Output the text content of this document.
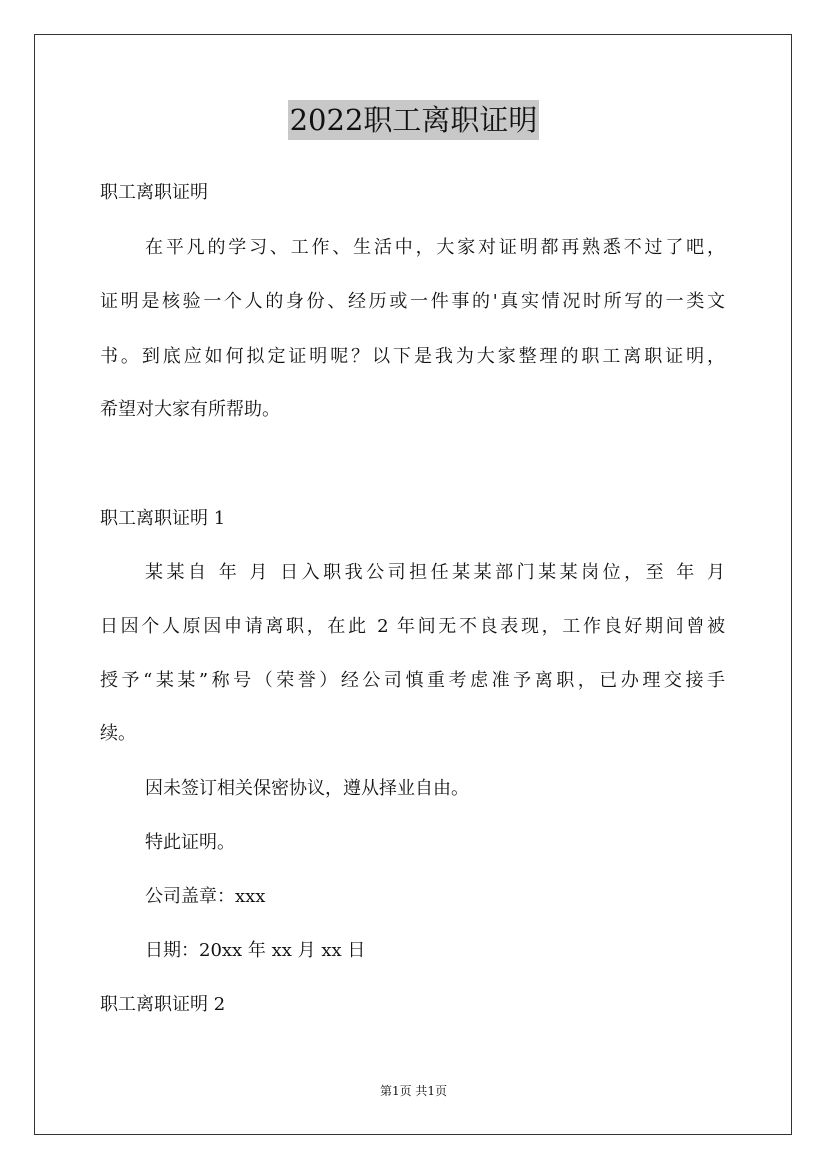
2022职工离职证明
职工离职证明
在平凡的学习、工作、生活中，大家对证明都再熟悉不过了吧，
证明是核验一个人的身份、经历或一件事的'真实情况时所写的一类文
书。到底应如何拟定证明呢？以下是我为大家整理的职工离职证明，
希望对大家有所帮助。
职工离职证明 1
某某自 年 月 日入职我公司担任某某部门某某岗位，至 年 月
日因个人原因申请离职，在此 2 年间无不良表现，工作良好期间曾被
授予“某某”称号（荣誉）经公司慎重考虑准予离职，已办理交接手
续。
因未签订相关保密协议，遵从择业自由。
特此证明。
公司盖章：xxx
日期：20xx 年 xx 月 xx 日
职工离职证明 2
第1页 共1页
